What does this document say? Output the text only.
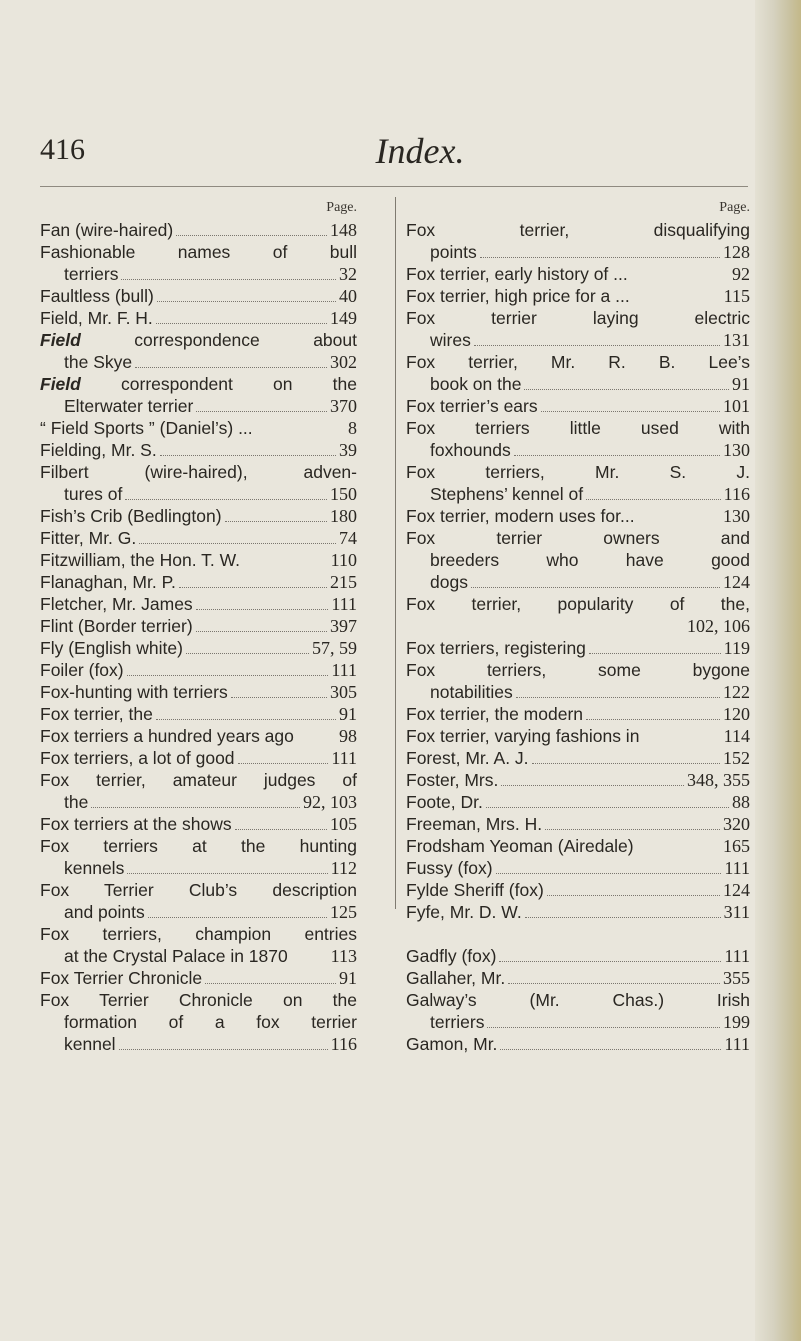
416	Index.
Page.
Fan (wire-haired)	148
Fashionable names of bull
terriers	32
Faultless (bull)	40
Field, Mr. F. H.	149
Field correspondence about
the Skye	302
Field correspondent on the
Elterwater terrier	370
“ Field Sports ” (Daniel’s) ...	8
Fielding, Mr. S.	39
Filbert (wire-haired), adven-
tures of	150
Fish’s Crib (Bedlington)	180
Fitter, Mr. G.	74
Fitzwilliam, the Hon. T. W.	110
Flanaghan, Mr. P.	215
Fletcher, Mr. James	111
Flint (Border terrier)	397
Fly (English white)	57, 59
Foiler (fox)	111
Fox-hunting with terriers	305
Fox terrier, the	91
Fox terriers a hundred years ago	98
Fox terriers, a lot of good	111
Fox terrier, amateur judges of
the	92, 103
Fox terriers at the shows	105
Fox terriers at the hunting
kennels	112
Fox Terrier Club’s description
and points	125
Fox terriers, champion entries
at the Crystal Palace in 1870 113
Fox Terrier Chronicle	91
Fox Terrier Chronicle on the
formation of a fox terrier
kennel	116
Page.
Fox terrier, disqualifying
points	128
Fox terrier, early history of ...	92
Fox terrier, high price for a ...	115
Fox terrier laying electric
wires	131
Fox terrier, Mr. R. B. Lee’s
book on the	91
Fox terrier’s ears	101
Fox terriers little used with
foxhounds	130
Fox terriers, Mr. S. J.
Stephens’ kennel of	116
Fox terrier, modern uses for...	130
Fox terrier owners and
breeders who have good
dogs	124
Fox terrier, popularity of the,
102, 106
Fox terriers, registering	119
Fox terriers, some bygone
notabilities	122
Fox terrier, the modern	120
Fox terrier, varying fashions in	114
Forest, Mr. A. J.	152
Foster, Mrs.	348, 355
Foote, Dr.	88
Freeman, Mrs. H.	320
Frodsham Yeoman (Airedale)	165
Fussy (fox)	111
Fylde Sheriff (fox)	124
Fyfe, Mr. D. W.	311
Gadfly (fox)	111
Gallaher, Mr.	355
Galway’s (Mr. Chas.) Irish
terriers	199
Gamon, Mr.	111
